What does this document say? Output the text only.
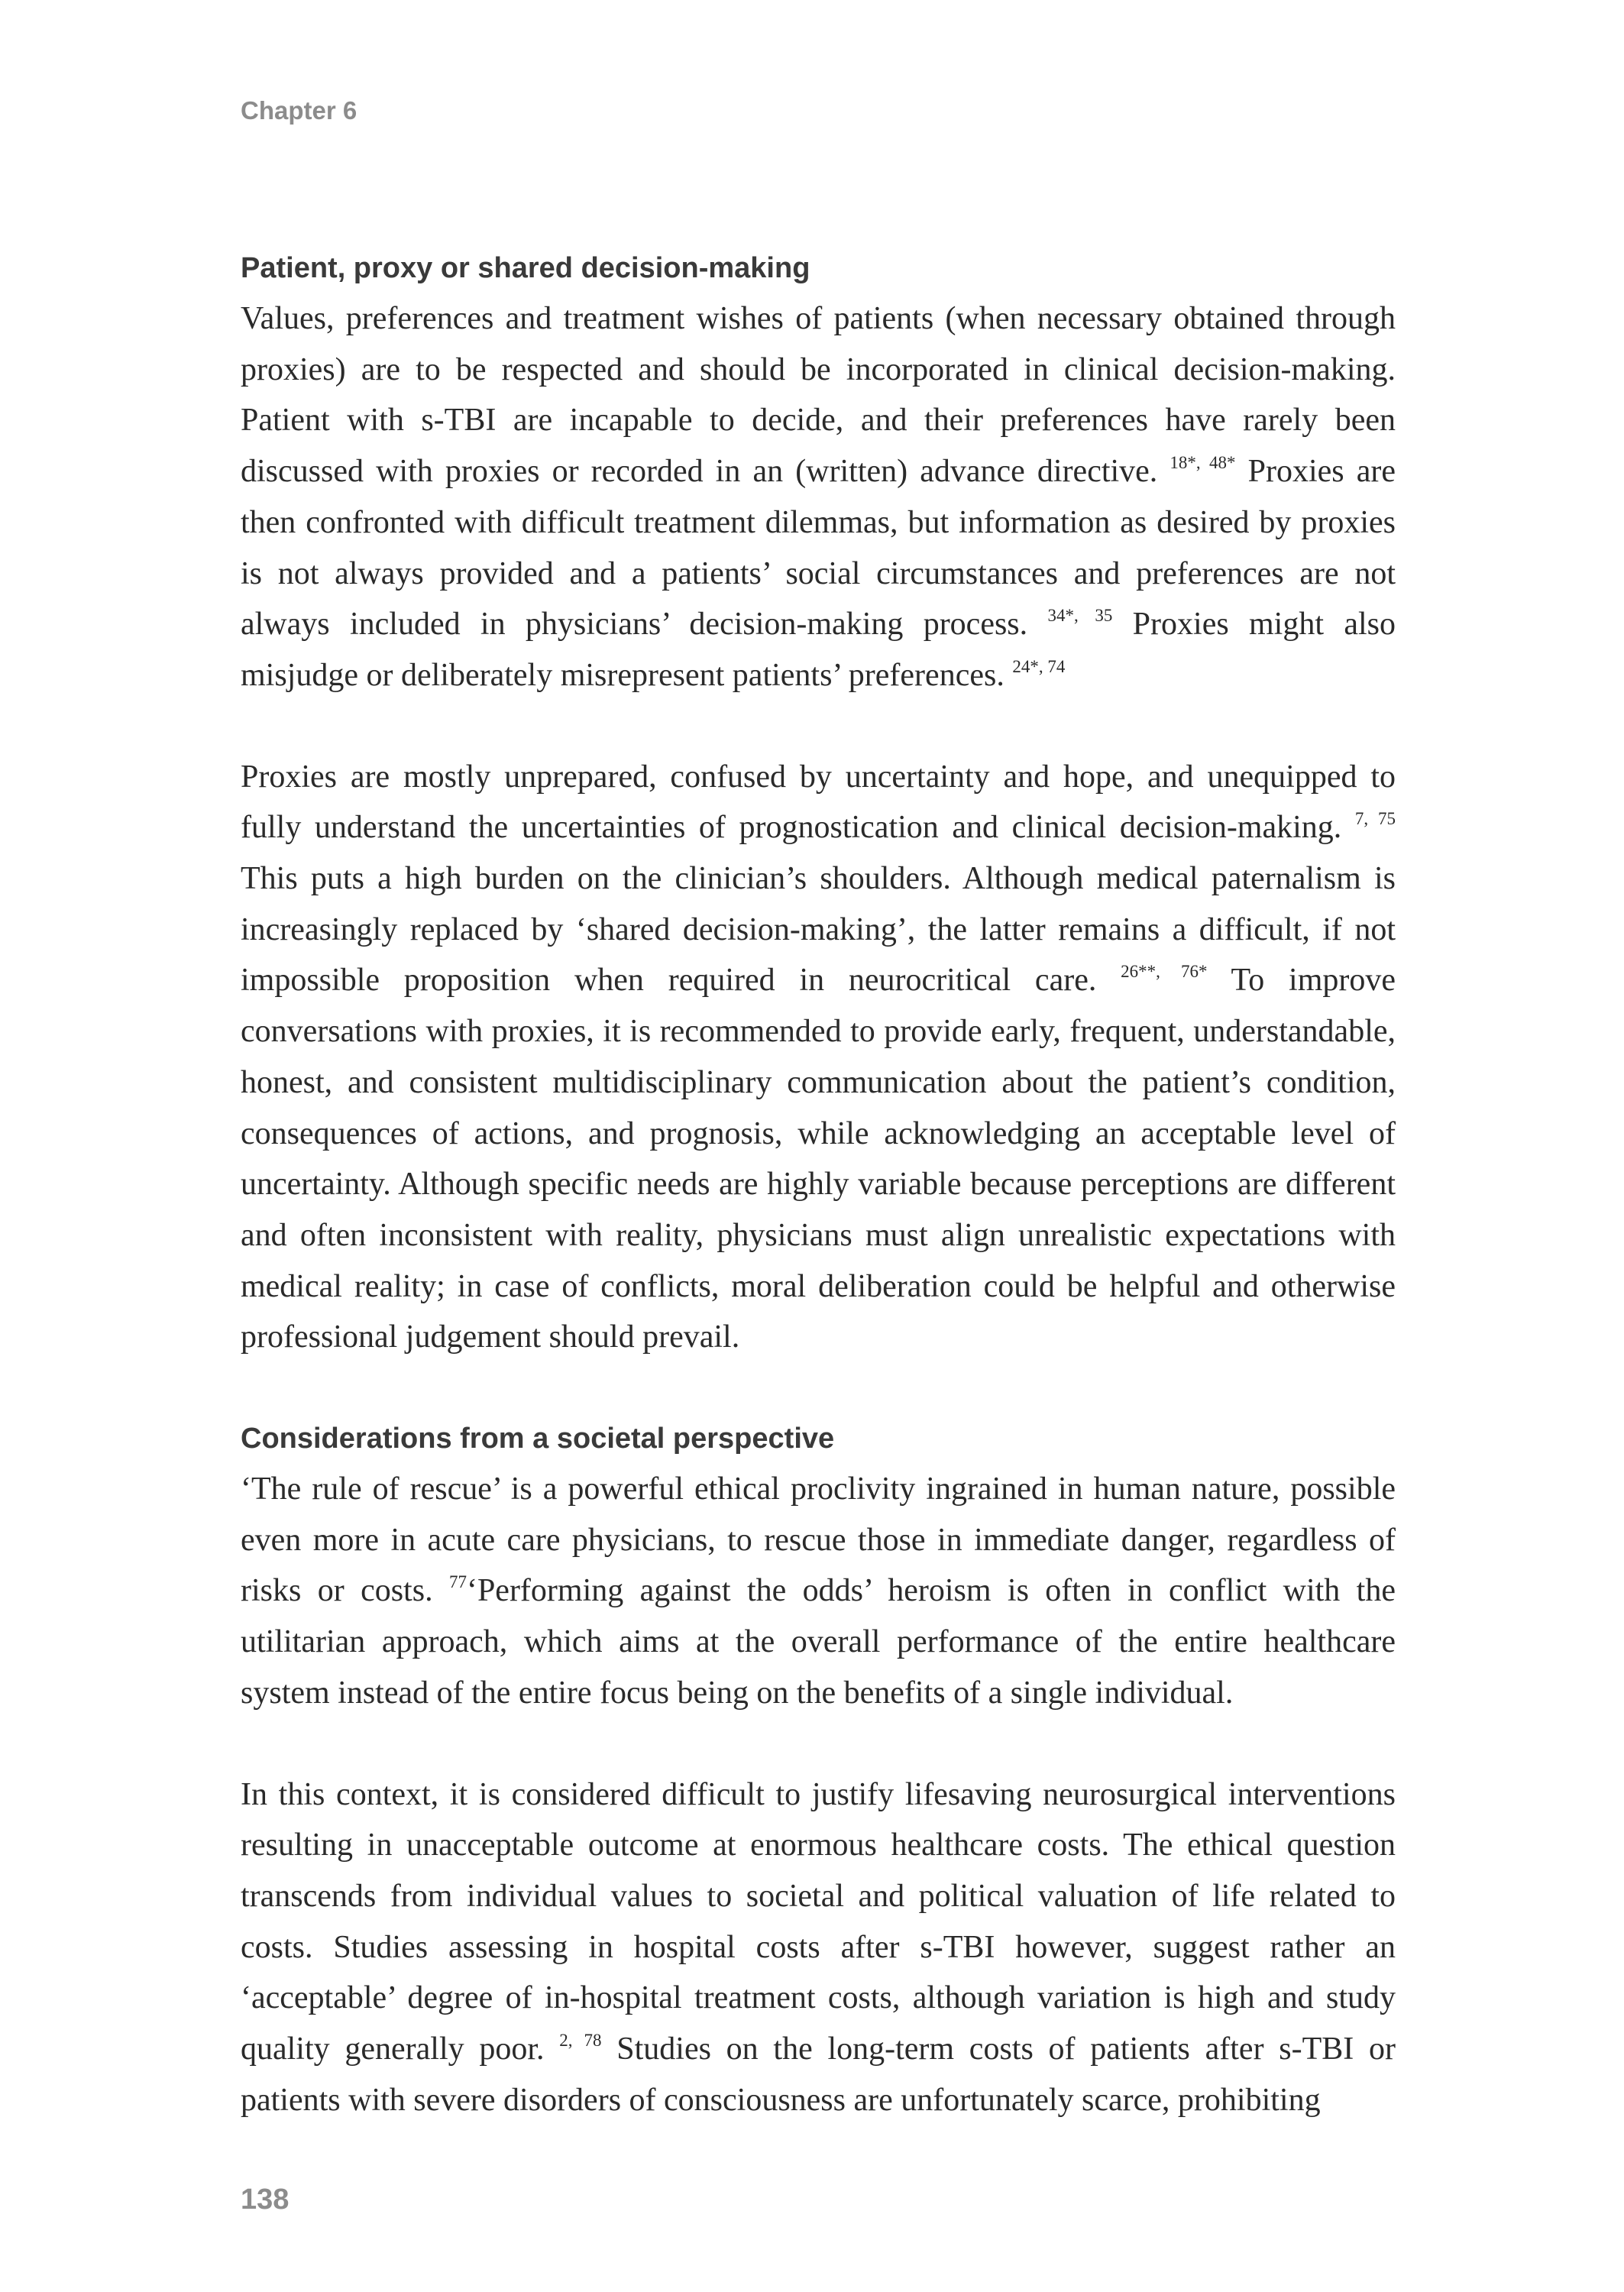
Chapter 6

Patient, proxy or shared decision-making

Values, preferences and treatment wishes of patients (when necessary obtained through proxies) are to be respected and should be incorporated in clinical decision-making. Patient with s-TBI are incapable to decide, and their preferences have rarely been discussed with proxies or recorded in an (written) advance directive. $^{18*, 48*}$ Proxies are then confronted with difficult treatment dilemmas, but information as desired by proxies is not always provided and a patients’ social circumstances and preferences are not always included in physicians’ decision-making process. $^{34*, 35}$ Proxies might also misjudge or deliberately misrepresent patients’ preferences. $^{24*, 74}$

Proxies are mostly unprepared, confused by uncertainty and hope, and unequipped to fully understand the uncertainties of prognostication and clinical decision-making. $^{7, 75}$ This puts a high burden on the clinician’s shoulders. Although medical paternalism is increasingly replaced by ‘shared decision-making’, the latter remains a difficult, if not impossible proposition when required in neurocritical care. $^{26**, 76*}$ To improve conversations with proxies, it is recommended to provide early, frequent, understandable, honest, and consistent multidisciplinary communication about the patient’s condition, consequences of actions, and prognosis, while acknowledging an acceptable level of uncertainty. Although specific needs are highly variable because perceptions are different and often inconsistent with reality, physicians must align unrealistic expectations with medical reality; in case of conflicts, moral deliberation could be helpful and otherwise professional judgement should prevail.

Considerations from a societal perspective

‘The rule of rescue’ is a powerful ethical proclivity ingrained in human nature, possible even more in acute care physicians, to rescue those in immediate danger, regardless of risks or costs. $^{77}$‘Performing against the odds’ heroism is often in conflict with the utilitarian approach, which aims at the overall performance of the entire healthcare system instead of the entire focus being on the benefits of a single individual.

In this context, it is considered difficult to justify lifesaving neurosurgical interventions resulting in unacceptable outcome at enormous healthcare costs. The ethical question transcends from individual values to societal and political valuation of life related to costs. Studies assessing in hospital costs after s-TBI however, suggest rather an ‘acceptable’ degree of in-hospital treatment costs, although variation is high and study quality generally poor. $^{2, 78}$ Studies on the long-term costs of patients after s-TBI or patients with severe disorders of consciousness are unfortunately scarce, prohibiting

138
